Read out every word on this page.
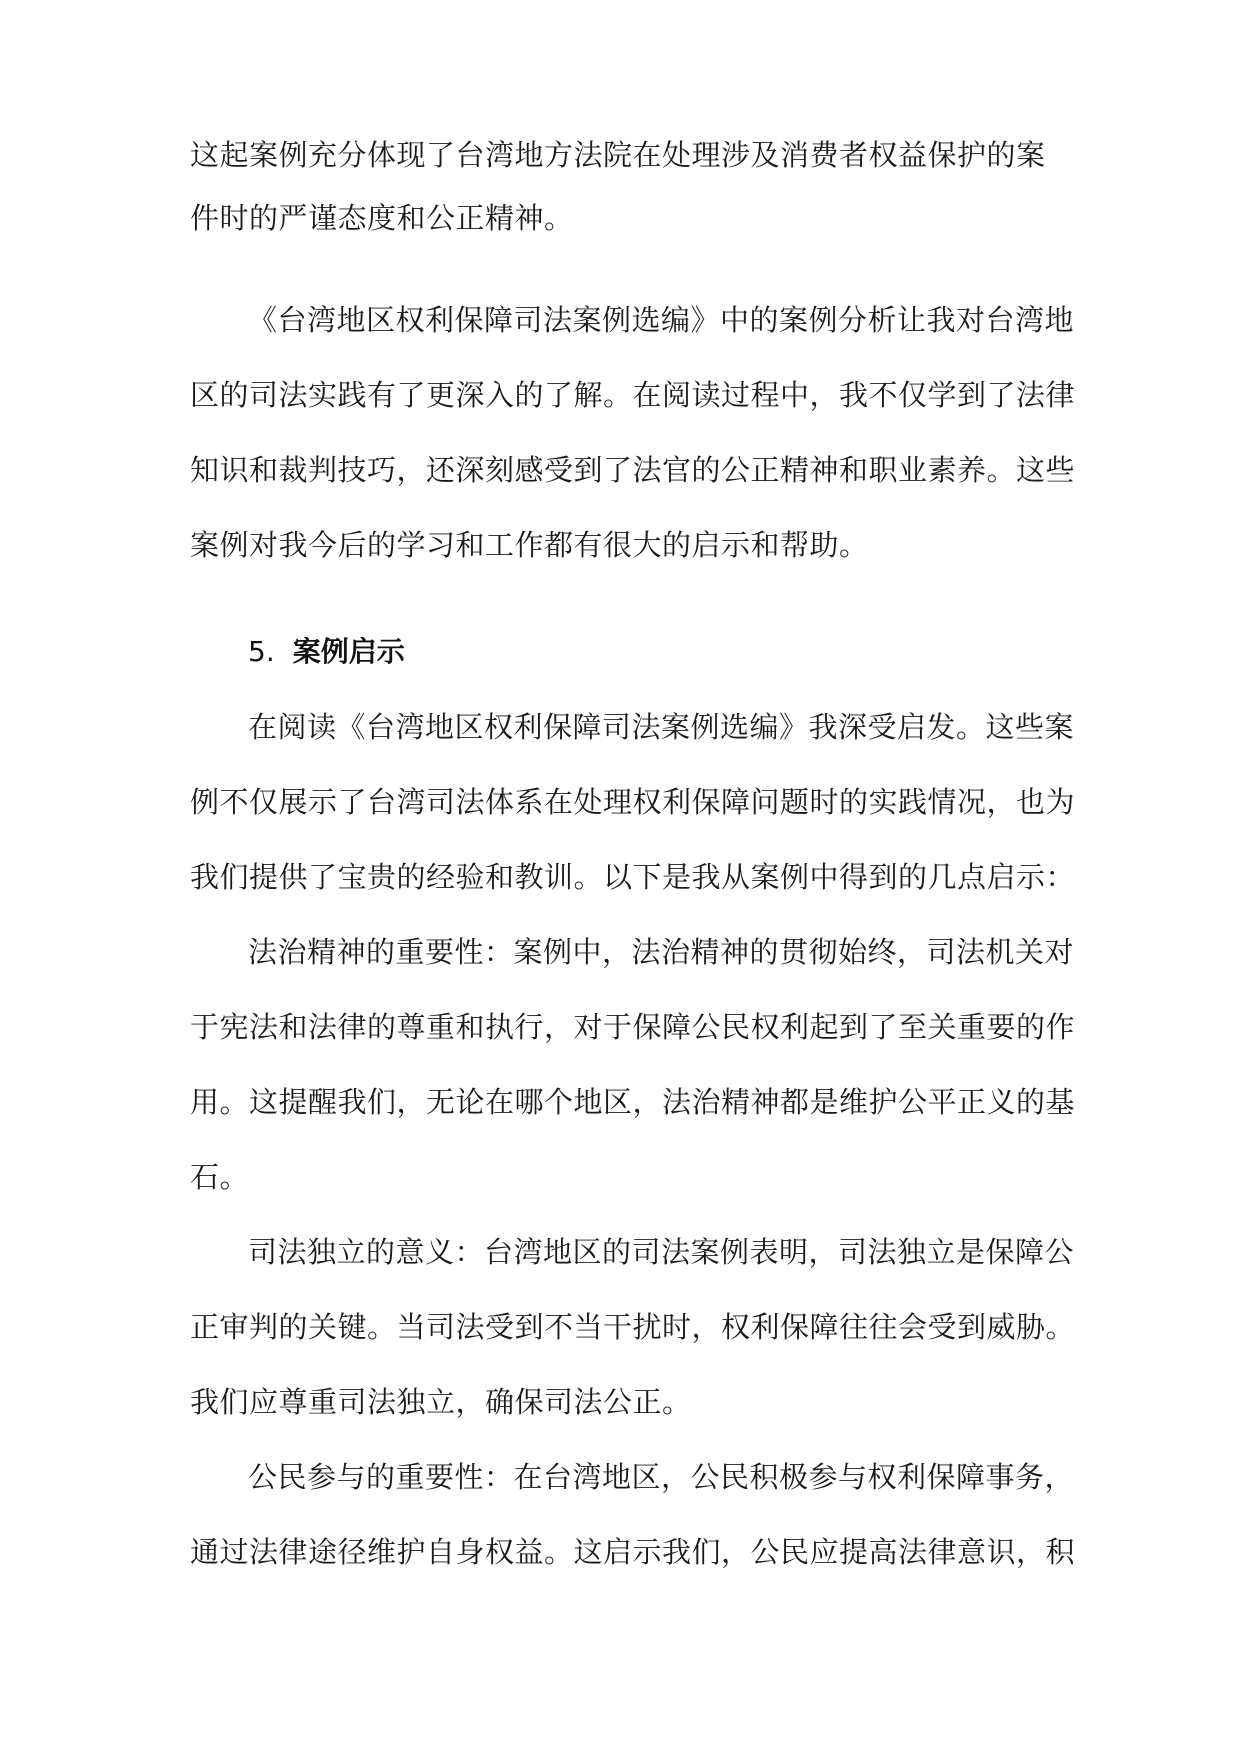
这起案例充分体现了台湾地方法院在处理涉及消费者权益保护的案

件时的严谨态度和公正精神。

《台湾地区权利保障司法案例选编》中的案例分析让我对台湾地

区的司法实践有了更深入的了解。在阅读过程中，我不仅学到了法律

知识和裁判技巧，还深刻感受到了法官的公正精神和职业素养。这些

案例对我今后的学习和工作都有很大的启示和帮助。

5. 案例启示

在阅读《台湾地区权利保障司法案例选编》我深受启发。这些案

例不仅展示了台湾司法体系在处理权利保障问题时的实践情况，也为

我们提供了宝贵的经验和教训。以下是我从案例中得到的几点启示：

法治精神的重要性：案例中，法治精神的贯彻始终，司法机关对

于宪法和法律的尊重和执行，对于保障公民权利起到了至关重要的作

用。这提醒我们，无论在哪个地区，法治精神都是维护公平正义的基

石。

司法独立的意义：台湾地区的司法案例表明，司法独立是保障公

正审判的关键。当司法受到不当干扰时，权利保障往往会受到威胁。

我们应尊重司法独立，确保司法公正。

公民参与的重要性：在台湾地区，公民积极参与权利保障事务，

通过法律途径维护自身权益。这启示我们，公民应提高法律意识，积
